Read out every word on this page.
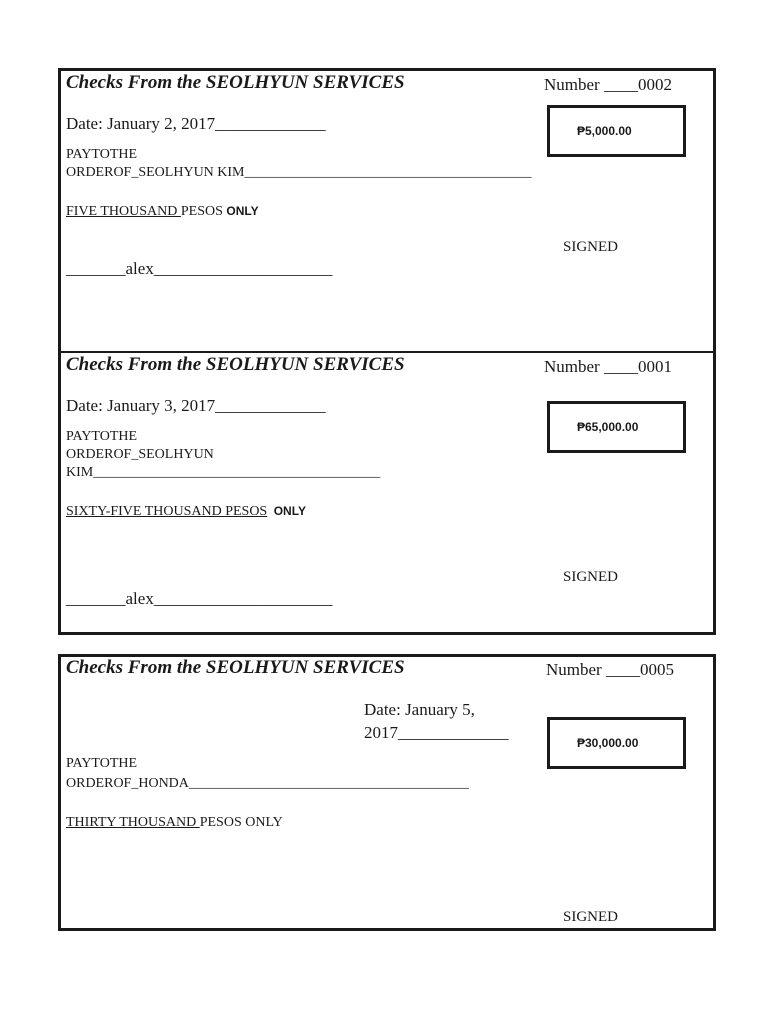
Checks From the SEOLHYUN SERVICES	Number ____0002
Date: January 2, 2017_____________	₱5,000.00
PAYTOTHE
ORDEROF_SEOLHYUN KIM_________________________________________
FIVE THOUSAND PESOS ONLY
SIGNED
_______alex_____________________
Checks From the SEOLHYUN SERVICES	Number ____0001
Date: January 3, 2017_____________
₱65,000.00
PAYTOTHE
ORDEROF_SEOLHYUN
KIM_________________________________________
SIXTY-FIVE THOUSAND PESOS ONLY
SIGNED
_______alex_____________________
Checks From the SEOLHYUN SERVICES	Number ____0005
Date: January 5,
2017_____________
₱30,000.00
PAYTOTHE
ORDEROF_HONDA________________________________________
THIRTY THOUSAND PESOS ONLY
SIGNED
